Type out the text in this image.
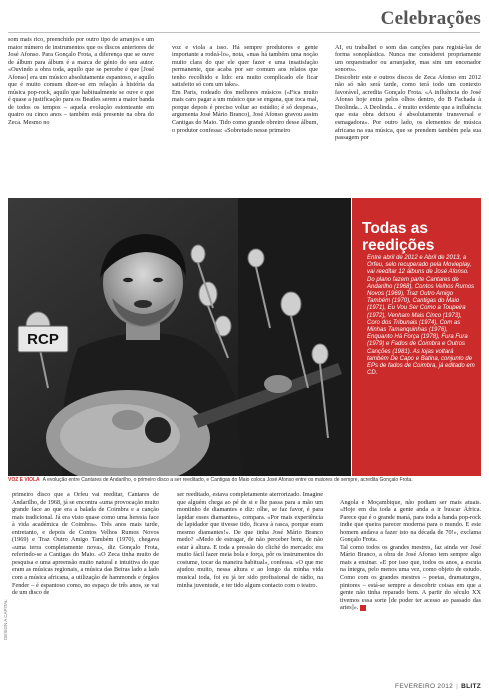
Celebrações

som mais rico, preenchido por outro tipo de arranjos e um maior número de instrumentos que os discos anteriores de José Afonso. Para Gonçalo Frota, a diferença que se ouve de álbum para álbum é a marca de génio do seu autor. «Ouvindo a obra toda, aquilo que se percebe é que [José Afonso] era um músico absolutamente espantoso, e aquilo que é muito comum dizer-se em relação à história da música pop-rock, aquilo que habitualmente se ouve e que é quase a justificação para os Beatles serem a maior banda de todos os tempos – aquela evolução estonteante em quatro ou cinco anos – também está presente na obra do Zeca. Mesmo no

voz e viola a isso. Há sempre produtores e gente importante a rodeá-lo», nota, «mas há também uma noção muito clara do que ele quer fazer e uma insatisfação permanente, que acaba por ser comum aos relatos que tenho recolhido e lido: era muito complicado ele ficar satisfeito só com um take».
Em Paris, rodeado dos melhores músicos («Fica muito mais caro pagar a um músico que se engana, que toca mal, porque depois é preciso voltar ao estúdio; é só despesa», argumenta José Mário Branco), José Afonso gravou assim Cantigas do Maio. Tido como grande obreiro desse álbum, o produtor confessa: «Sobretudo nesse primeiro

AI, eu trabalhei o som das canções para registá-las de forma sonoplástica. Nunca me considerei propriamente um orquestrador ou arranjador, mas sim um encenador sonoro».
Descobrir este e outros discos de Zeca Afonso em 2012 não só não será tarde, como terá todo um contexto favorável, acredita Gonçalo Frota. «A influência do José Afonso hoje entra pelos olhos dentro, do B Fachada à Deolinda... A Deolinda... é muito evidente que a influência que esta obra deixou é absolutamente transversal e esmagadora». Por outro lado, os elementos de música africana na sua música, que se prendem também pela sua passagem por

RCP
Todas as
reedições
Entre abril de 2012 e Abril de 2013, a Orfeu, selo recuperado pela Movieplay, vai reeditar 12 álbuns de José Afonso. Do plano fazem parte Cantares de Andarilho (1968), Contos Velhos Rumos Novos (1969), Traz Outro Amigo Também (1970), Cantigas do Maio (1971), Eu Vou Ser Como a Toupeira (1972), Venham Mais Cinco (1973), Coro dos Tribunais (1974), Com as Minhas Tamanquinhas (1976), Enquanto Há Força (1978), Fura Fura (1979) e Fados de Coimbra e Outros Canções (1981). As lojas voltará também De Capo e Batina, conjunto de EPs de fados de Coimbra, já editado em CD.
VOZ E VIOLA A evolução entre Cantares de Andarilho, o primeiro disco a ser reeditado, e Cantigas do Maio coloca José Afonso entre os maiores de sempre, acredita Gonçalo Frota.

primeiro disco que a Orfeu vai reeditar, Cantares de Andarilho, de 1968, já se encontra «uma provocação muito grande face ao que era a balada de Coimbra e a canção mais tradicional. Já era visto quase como uma heresia face à vida académica de Coimbra». Três anos mais tarde, entretanto, e depois de Contos Velhos Rumos Novos (1969) e Traz Outro Amigo Também (1970), chegava «uma terra completamente nova», diz Gonçalo Frota, referindo-se a Cantigas do Maio. «O Zeca tinha muito de pesquisa e uma apreensão muito natural e intuitiva do que eram as músicas regionais, a música das Beiras lado a lado com a música africana, a utilização de hammonds e órgãos Fender – é espantoso como, no espaço de três anos, se vai de um disco de

ser reeditado, estava completamente aterrorizado. Imagine que alguém chega ao pé de si e lhe passa para a mão um montinho de diamantes e diz: olhe, se faz favor, é para lapidar esses diamantes», compara. «Por mais experiência de lapidador que tivesse tido, ficava à rasca, porque eram mesmo diamantes!». De que tinha José Mário Branco medo? «Medo de estragar, de não perceber bem, de não estar à altura. E toda a pressão do cliché do mercado: era muito fácil fazer meia bola e força, pôr os instrumentos do costume, tocar da maneira habitual», confessa. «O que me ajudou muito, nessa altura e ao longo da minha vida musical toda, foi eu já ter sido profissional de rádio, na minha juventude, e ter tido algum contacto com o teatro.

Angola e Moçambique, não podiam ser mais atuais. «Hoje em dia toda a gente anda a ir buscar África. Parece que é o grande maná, para toda a banda pop-rock indie que queira parecer moderna para o mundo. E este homem andava a fazer isto na década de 70!», exclama Gonçalo Frota.
Tal como todos os grandes mestres, faz ainda ver José Mário Branco, a obra de José Afonso tem sempre algo mais a ensinar. «E por isso que, todos os anos, a escuta na íntegra, pelo menos uma vez, como objeto de estudo. Como com os grandes mestres – poetas, dramaturgos, pintores – está-se sempre a descobrir coisas em que a gente não tinha reparado bem. A partir do século XX tivemos essa sorte [de poder ter acesso ao passado das artes]».

DESIGN A CAPITAL
FEVEREIRO 2012 | BLITZ
